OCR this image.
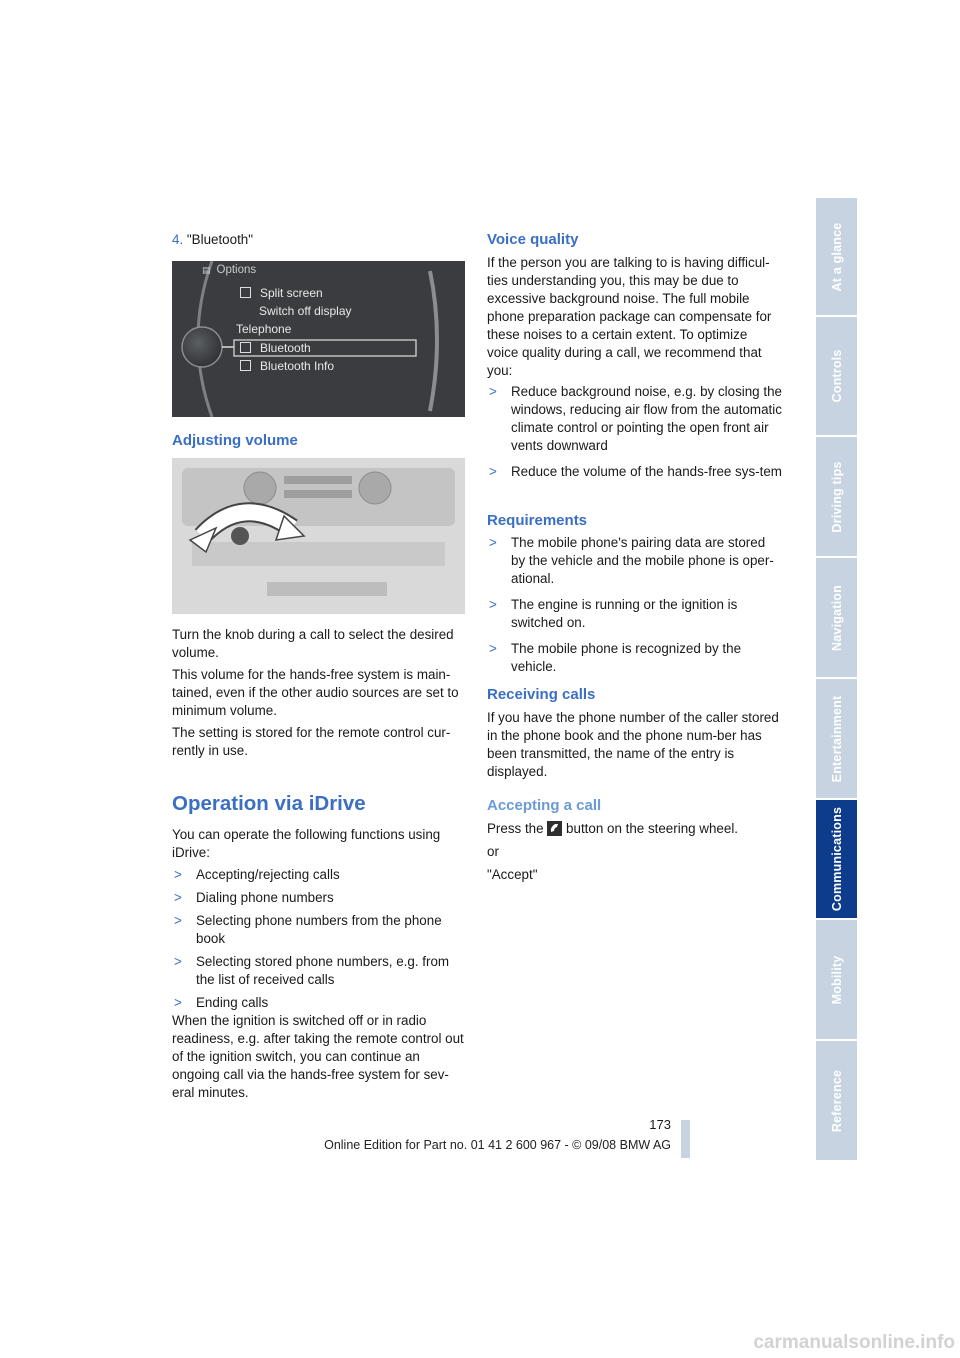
4. "Bluetooth"
▤ Options
Split screen
Switch off display
Telephone
Bluetooth
Bluetooth Info
Adjusting volume

Turn the knob during a call to select the desired volume.

This volume for the hands-free system is main-tained, even if the other audio sources are set to minimum volume.

The setting is stored for the remote control cur-rently in use.

Operation via iDrive

You can operate the following functions using iDrive:

> Accepting/rejecting calls
> Dialing phone numbers
> Selecting phone numbers from the phone book
> Selecting stored phone numbers, e.g. from the list of received calls
> Ending calls

When the ignition is switched off or in radio readiness, e.g. after taking the remote control out of the ignition switch, you can continue an ongoing call via the hands-free system for sev-eral minutes.

Voice quality

If the person you are talking to is having difficul-ties understanding you, this may be due to excessive background noise. The full mobile phone preparation package can compensate for these noises to a certain extent. To optimize voice quality during a call, we recommend that you:

> Reduce background noise, e.g. by closing the windows, reducing air flow from the automatic climate control or pointing the open front air vents downward
> Reduce the volume of the hands-free sys-tem
Requirements
> The mobile phone's pairing data are stored by the vehicle and the mobile phone is oper-ational.
> The engine is running or the ignition is switched on.
> The mobile phone is recognized by the vehicle.
Receiving calls

If you have the phone number of the caller stored in the phone book and the phone num-ber has been transmitted, the name of the entry is displayed.

Accepting a call

Press the button on the steering wheel.

or

"Accept"

At a glance
Controls
Driving tips
Navigation
Entertainment
Communications
Mobility
Reference
173
Online Edition for Part no. 01 41 2 600 967 - © 09/08 BMW AG
carmanualsonline.info
